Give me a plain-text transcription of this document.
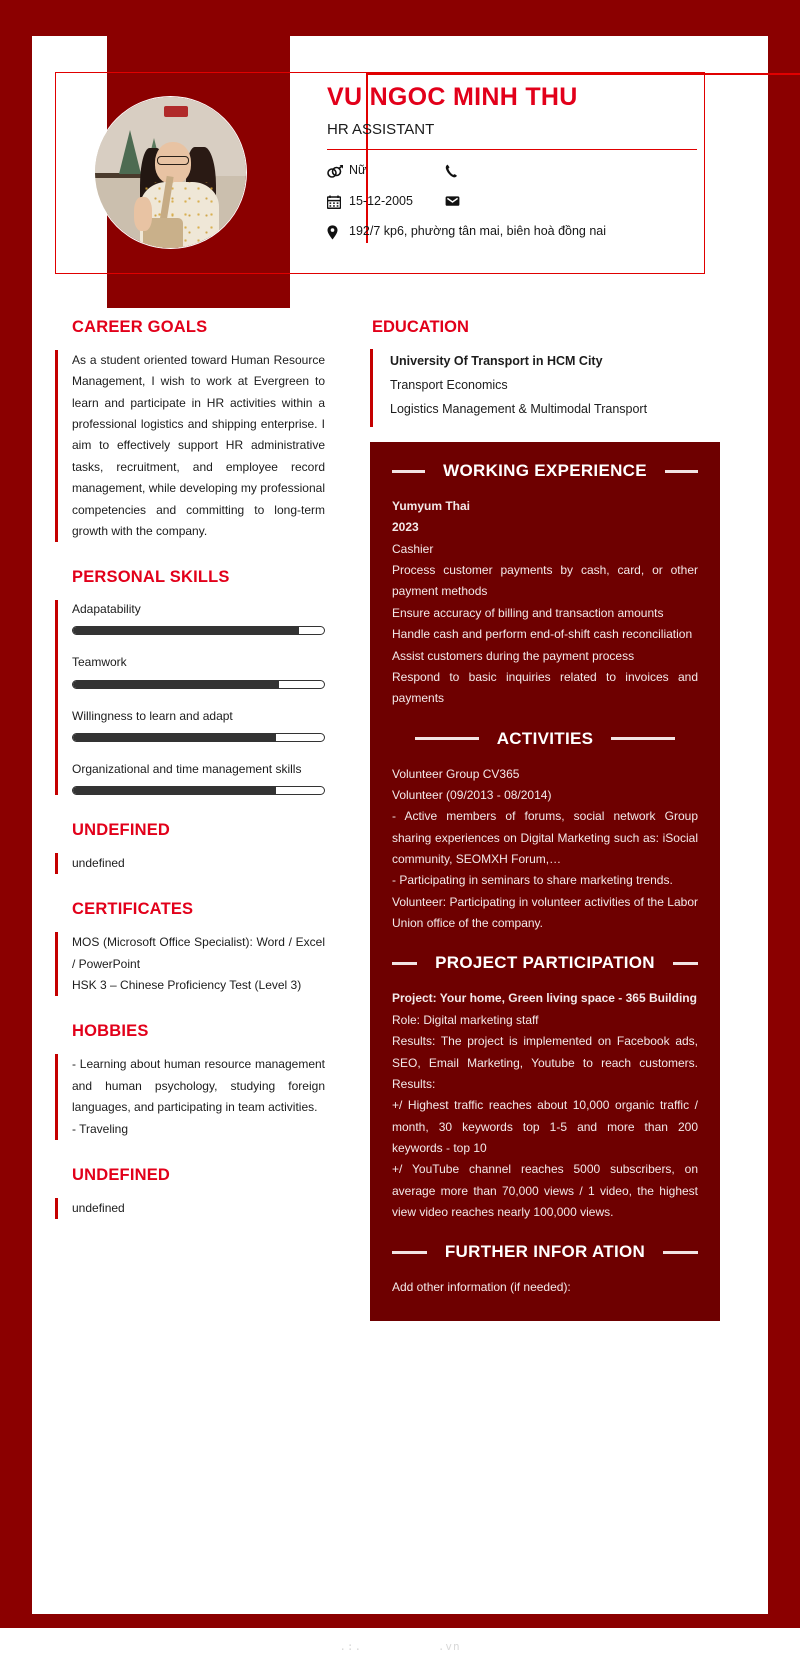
VU NGOC MINH THU
HR ASSISTANT
Nữ
15-12-2005
192/7 kp6, phường tân mai, biên hoà đồng nai
CAREER GOALS
As a student oriented toward Human Resource Management, I wish to work at Evergreen to learn and participate in HR activities within a professional logistics and shipping enterprise. I aim to effectively support HR administrative tasks, recruitment, and employee record management, while developing my professional competencies and committing to long-term growth with the company.
PERSONAL SKILLS
Adapatability
Teamwork
Willingness to learn and adapt
Organizational and time management skills
UNDEFINED
undefined
CERTIFICATES
MOS (Microsoft Office Specialist): Word / Excel / PowerPoint
HSK 3 – Chinese Proficiency Test (Level 3)
HOBBIES
- Learning about human resource management and human psychology, studying foreign languages, and participating in team activities.
- Traveling
UNDEFINED
undefined
EDUCATION
University Of Transport in HCM City
Transport Economics
Logistics Management & Multimodal Transport
WORKING EXPERIENCE
Yumyum Thai
2023
Cashier
Process customer payments by cash, card, or other payment methods
Ensure accuracy of billing and transaction amounts
Handle cash and perform end-of-shift cash reconciliation
Assist customers during the payment process
Respond to basic inquiries related to invoices and payments
ACTIVITIES
Volunteer Group CV365
Volunteer (09/2013 - 08/2014)
- Active members of forums, social network Group sharing experiences on Digital Marketing such as: iSocial community, SEOMXH Forum,…
- Participating in seminars to share marketing trends.
Volunteer: Participating in volunteer activities of the Labor Union office of the company.
PROJECT PARTICIPATION
Project: Your home, Green living space - 365 Building
Role: Digital marketing staff
Results: The project is implemented on Facebook ads, SEO, Email Marketing, Youtube to reach customers. Results:
+/ Highest traffic reaches about 10,000 organic traffic / month, 30 keywords top 1-5 and more than 200 keywords - top 10
+/ YouTube channel reaches 5000 subscribers, on average more than 70,000 views / 1 video, the highest view video reaches nearly 100,000 views.
FURTHER INFOR ATION
Add other information (if needed):
.:.	.vn
